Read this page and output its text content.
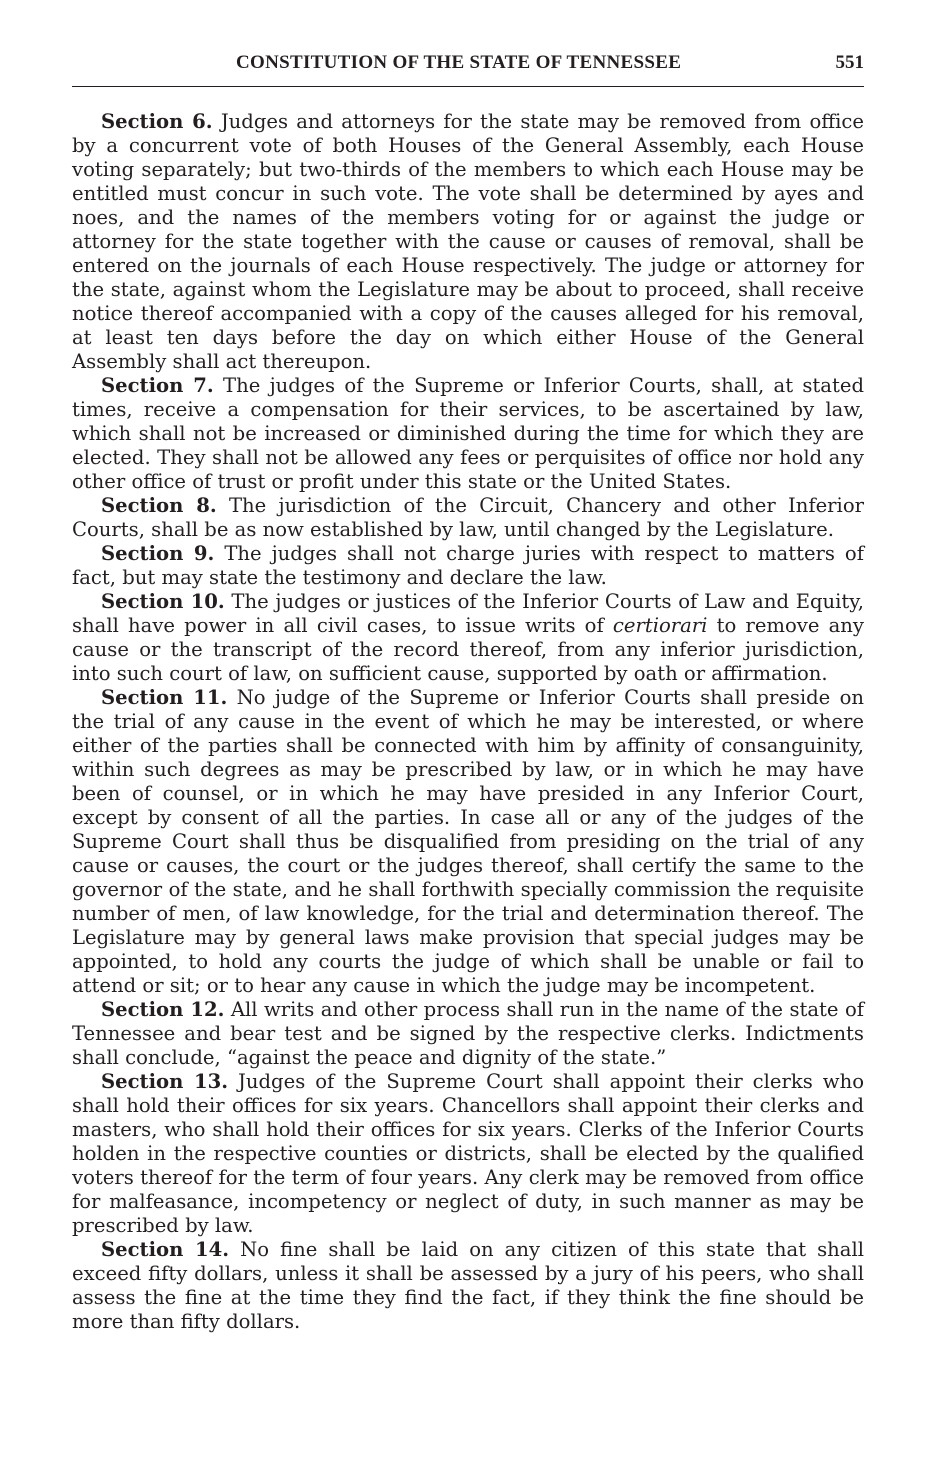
CONSTITUTION OF THE STATE OF TENNESSEE	551

Section 6. Judges and attorneys for the state may be removed from office by a concurrent vote of both Houses of the General Assembly, each House voting separately; but two-thirds of the members to which each House may be entitled must concur in such vote. The vote shall be determined by ayes and noes, and the names of the members voting for or against the judge or attorney for the state together with the cause or causes of removal, shall be entered on the journals of each House respectively. The judge or attorney for the state, against whom the Legislature may be about to proceed, shall receive notice thereof accompanied with a copy of the causes alleged for his removal, at least ten days before the day on which either House of the General Assembly shall act thereupon.

Section 7. The judges of the Supreme or Inferior Courts, shall, at stated times, receive a compensation for their services, to be ascertained by law, which shall not be increased or diminished during the time for which they are elected. They shall not be allowed any fees or perquisites of office nor hold any other office of trust or profit under this state or the United States.

Section 8. The jurisdiction of the Circuit, Chancery and other Inferior Courts, shall be as now established by law, until changed by the Legislature.

Section 9. The judges shall not charge juries with respect to matters of fact, but may state the testimony and declare the law.

Section 10. The judges or justices of the Inferior Courts of Law and Equity, shall have power in all civil cases, to issue writs of certiorari to remove any cause or the transcript of the record thereof, from any inferior jurisdiction, into such court of law, on sufficient cause, supported by oath or affirmation.

Section 11. No judge of the Supreme or Inferior Courts shall preside on the trial of any cause in the event of which he may be interested, or where either of the parties shall be connected with him by affinity of consanguinity, within such degrees as may be prescribed by law, or in which he may have been of counsel, or in which he may have presided in any Inferior Court, except by consent of all the parties. In case all or any of the judges of the Supreme Court shall thus be disqualified from presiding on the trial of any cause or causes, the court or the judges thereof, shall certify the same to the governor of the state, and he shall forthwith specially commission the requisite number of men, of law knowledge, for the trial and determination thereof. The Legislature may by general laws make provision that special judges may be appointed, to hold any courts the judge of which shall be unable or fail to attend or sit; or to hear any cause in which the judge may be incompetent.

Section 12. All writs and other process shall run in the name of the state of Tennessee and bear test and be signed by the respective clerks. Indictments shall conclude, “against the peace and dignity of the state.”

Section 13. Judges of the Supreme Court shall appoint their clerks who shall hold their offices for six years. Chancellors shall appoint their clerks and masters, who shall hold their offices for six years. Clerks of the Inferior Courts holden in the respective counties or districts, shall be elected by the qualified voters thereof for the term of four years. Any clerk may be removed from office for malfeasance, incompetency or neglect of duty, in such manner as may be prescribed by law.

Section 14. No fine shall be laid on any citizen of this state that shall exceed fifty dollars, unless it shall be assessed by a jury of his peers, who shall assess the fine at the time they find the fact, if they think the fine should be more than fifty dollars.
